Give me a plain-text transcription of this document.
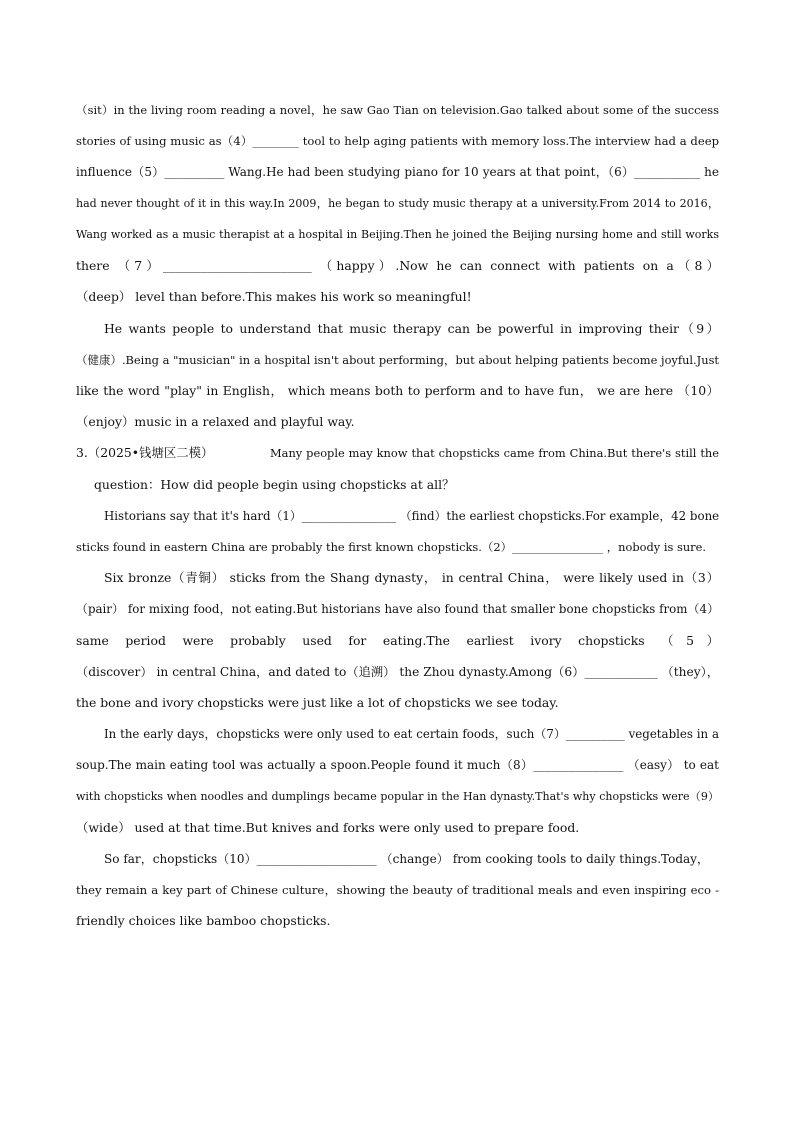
（sit）in the living room reading a novel，he saw Gao Tian on television.Gao talked about some of the success
stories of using music as（4）________ tool to help aging patients with memory loss.The interview had a deep
influence（5）__________ Wang.He had been studying piano for 10 years at that point，（6）___________ he
had never thought of it in this way.In 2009，he began to study music therapy at a university.From 2014 to 2016，
Wang worked as a music therapist at a hospital in Beijing.Then he joined the Beijing nursing home and still works
there （7）________________________ （happy）.Now he can connect with patients on a（8）
（deep） level than before.This makes his work so meaningful!
He wants people to understand that music therapy can be powerful in improving their（9）
（健康）.Being a "musician" in a hospital isn't about performing，but about helping patients become joyful.Just
like the word "play" in English， which means both to perform and to have fun， we are here （10）
（enjoy）music in a relaxed and playful way.
3.（2025•钱塘区二模）	Many people may know that chopsticks came from China.But there's still the
question：How did people begin using chopsticks at all？
Historians say that it's hard（1）________________ （find）the earliest chopsticks.For example，42 bone
sticks found in eastern China are probably the first known chopsticks.（2）________________ ，nobody is sure.
Six bronze（青铜） sticks from the Shang dynasty， in central China， were likely used in（3）
（pair） for mixing food，not eating.But historians have also found that smaller bone chopsticks from（4）
same period were probably used for eating.The earliest ivory chopsticks （5）
（discover） in central China，and dated to（追溯） the Zhou dynasty.Among（6）____________ （they），
the bone and ivory chopsticks were just like a lot of chopsticks we see today.
In the early days，chopsticks were only used to eat certain foods，such（7）__________ vegetables in a
soup.The main eating tool was actually a spoon.People found it much（8）_______________ （easy） to eat
with chopsticks when noodles and dumplings became popular in the Han dynasty.That's why chopsticks were（9）
（wide） used at that time.But knives and forks were only used to prepare food.
So far，chopsticks（10）____________________ （change） from cooking tools to daily things.Today，
they remain a key part of Chinese culture，showing the beauty of traditional meals and even inspiring eco -
friendly choices like bamboo chopsticks.
